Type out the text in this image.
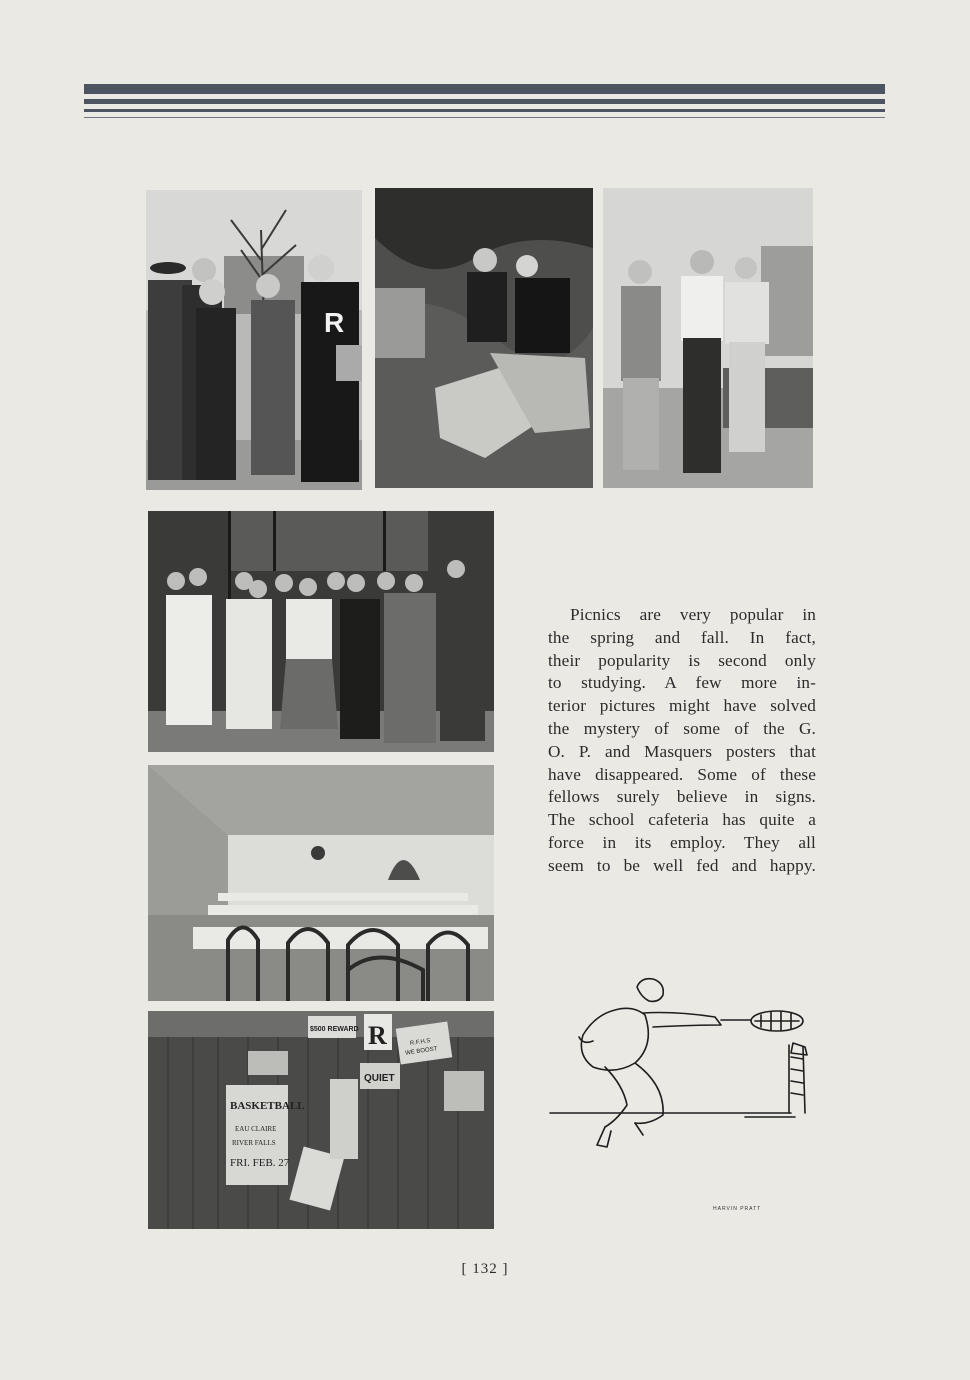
R
BASKETBALL
EAU CLAIRE
RIVER FALLS
FRI. FEB. 27
$500 REWARD R	R.F.H.S
WE BOOST
QUIET
Picnics are very popular in
the spring and fall. In fact,
their popularity is second only
to studying. A few more in-
terior pictures might have solved
the mystery of some of the G.
O. P. and Masquers posters that
have disappeared. Some of these
fellows surely believe in signs.
The school cafeteria has quite a
force in its employ. They all
seem to be well fed and happy.
HARVIN PRATT
[ 132 ]
